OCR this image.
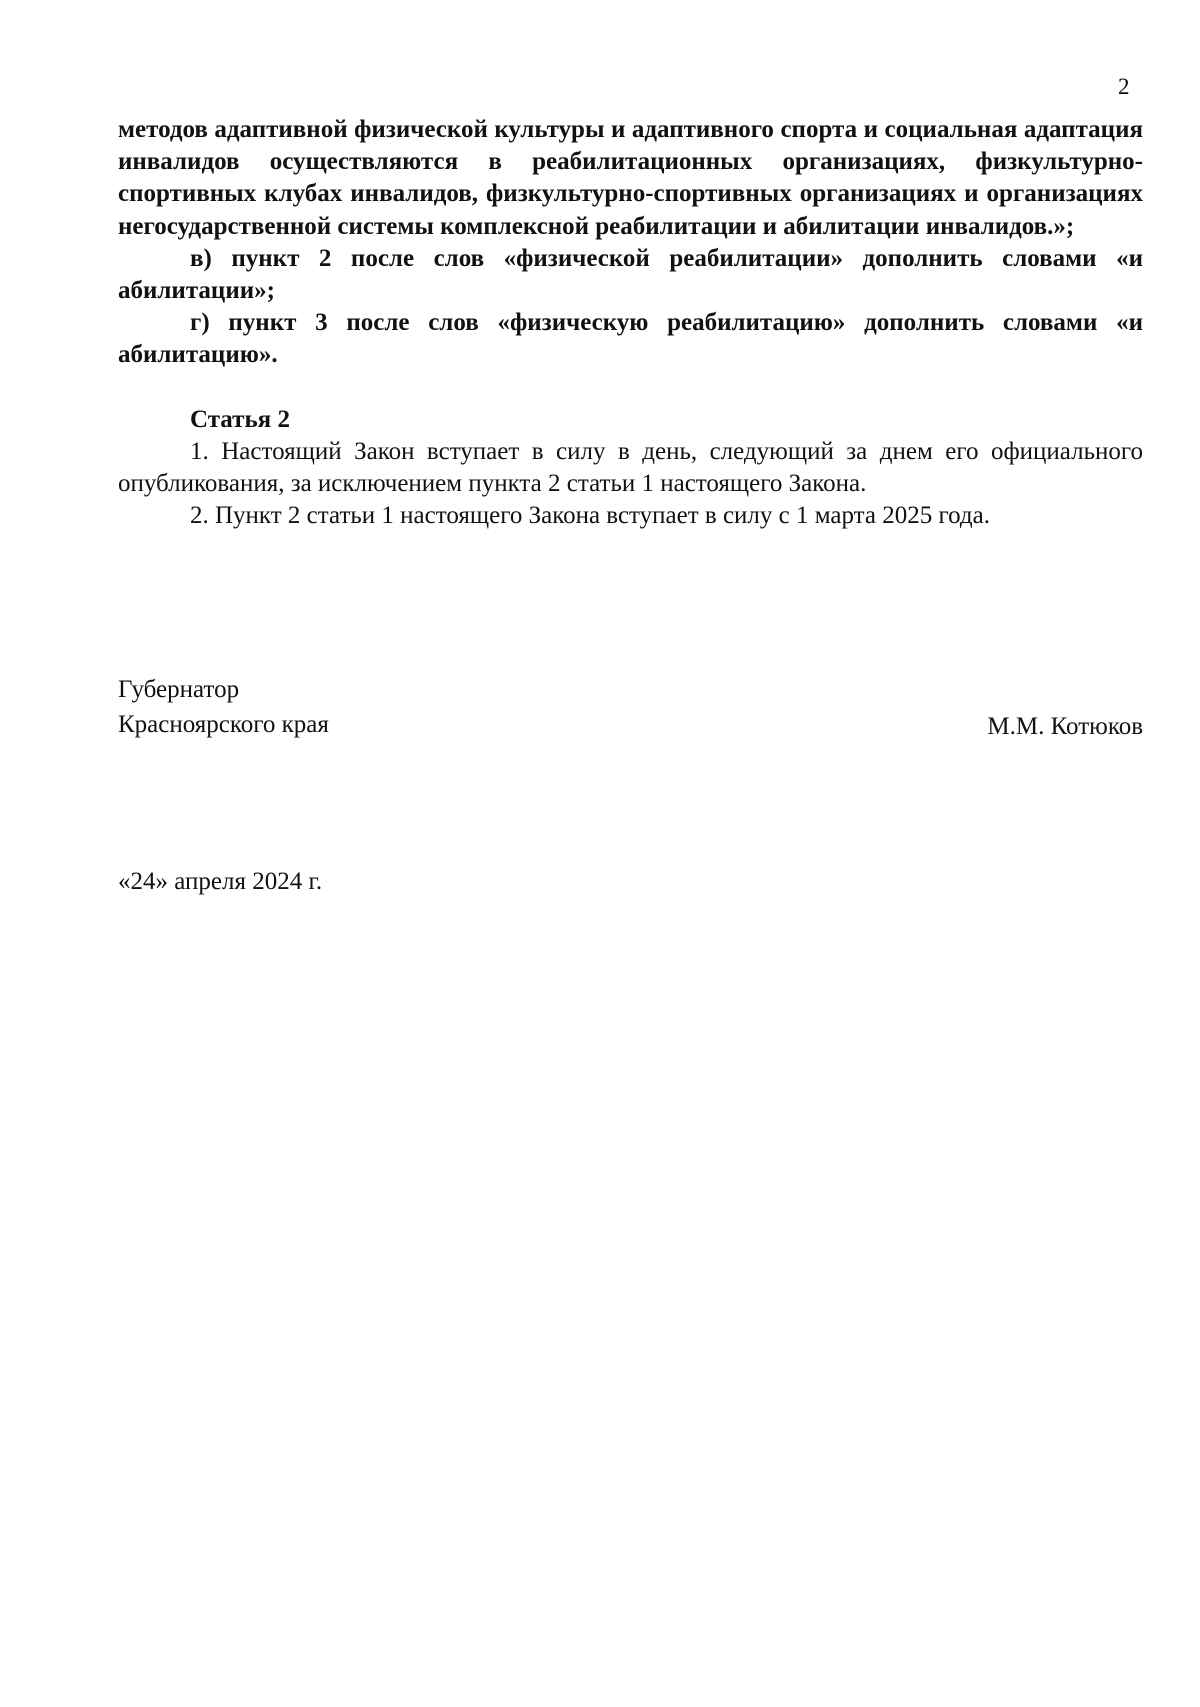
2

методов адаптивной физической культуры и адаптивного спорта и социальная адаптация инвалидов осуществляются в реабилитационных организациях, физкультурно-спортивных клубах инвалидов, физкультурно-спортивных организациях и организациях негосударственной системы комплексной реабилитации и абилитации инвалидов.»;

в) пункт 2 после слов «физической реабилитации» дополнить словами «и абилитации»;

г) пункт 3 после слов «физическую реабилитацию» дополнить словами «и абилитацию».

Статья 2

1. Настоящий Закон вступает в силу в день, следующий за днем его официального опубликования, за исключением пункта 2 статьи 1 настоящего Закона.

2. Пункт 2 статьи 1 настоящего Закона вступает в силу с 1 марта 2025 года.

Губернатор
Красноярского края	М.М. Котюков
«24» апреля 2024 г.
